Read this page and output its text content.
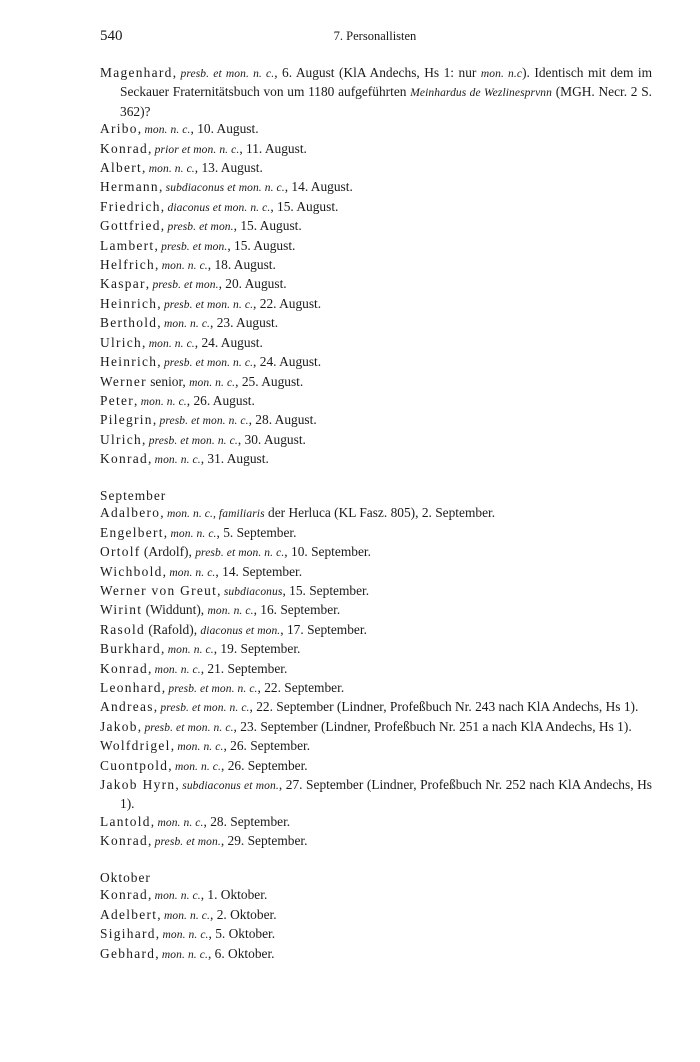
540	7. Personallisten

Magenhard, presb. et mon. n. c., 6. August (KlA Andechs, Hs 1: nur mon. n.c). Identisch mit dem im Seckauer Fraternitätsbuch von um 1180 aufgeführten Meinhardus de Wezlinesprvnn (MGH. Necr. 2 S. 362)?

Aribo, mon. n. c., 10. August.

Konrad, prior et mon. n. c., 11. August.

Albert, mon. n. c., 13. August.

Hermann, subdiaconus et mon. n. c., 14. August.

Friedrich, diaconus et mon. n. c., 15. August.

Gottfried, presb. et mon., 15. August.

Lambert, presb. et mon., 15. August.

Helfrich, mon. n. c., 18. August.

Kaspar, presb. et mon., 20. August.

Heinrich, presb. et mon. n. c., 22. August.

Berthold, mon. n. c., 23. August.

Ulrich, mon. n. c., 24. August.

Heinrich, presb. et mon. n. c., 24. August.

Werner senior, mon. n. c., 25. August.

Peter, mon. n. c., 26. August.

Pilegrin, presb. et mon. n. c., 28. August.

Ulrich, presb. et mon. n. c., 30. August.

Konrad, mon. n. c., 31. August.

September

Adalbero, mon. n. c., familiaris der Herluca (KL Fasz. 805), 2. September.

Engelbert, mon. n. c., 5. September.

Ortolf (Ardolf), presb. et mon. n. c., 10. September.

Wichbold, mon. n. c., 14. September.

Werner von Greut, subdiaconus, 15. September.

Wirint (Widdunt), mon. n. c., 16. September.

Rasold (Rafold), diaconus et mon., 17. September.

Burkhard, mon. n. c., 19. September.

Konrad, mon. n. c., 21. September.

Leonhard, presb. et mon. n. c., 22. September.

Andreas, presb. et mon. n. c., 22. September (Lindner, Profeßbuch Nr. 243 nach KlA Andechs, Hs 1).

Jakob, presb. et mon. n. c., 23. September (Lindner, Profeßbuch Nr. 251 a nach KlA Andechs, Hs 1).

Wolfdrigel, mon. n. c., 26. September.

Cuontpold, mon. n. c., 26. September.

Jakob Hyrn, subdiaconus et mon., 27. September (Lindner, Profeßbuch Nr. 252 nach KlA Andechs, Hs 1).

Lantold, mon. n. c., 28. September.

Konrad, presb. et mon., 29. September.

Oktober

Konrad, mon. n. c., 1. Oktober.

Adelbert, mon. n. c., 2. Oktober.

Sigihard, mon. n. c., 5. Oktober.

Gebhard, mon. n. c., 6. Oktober.
